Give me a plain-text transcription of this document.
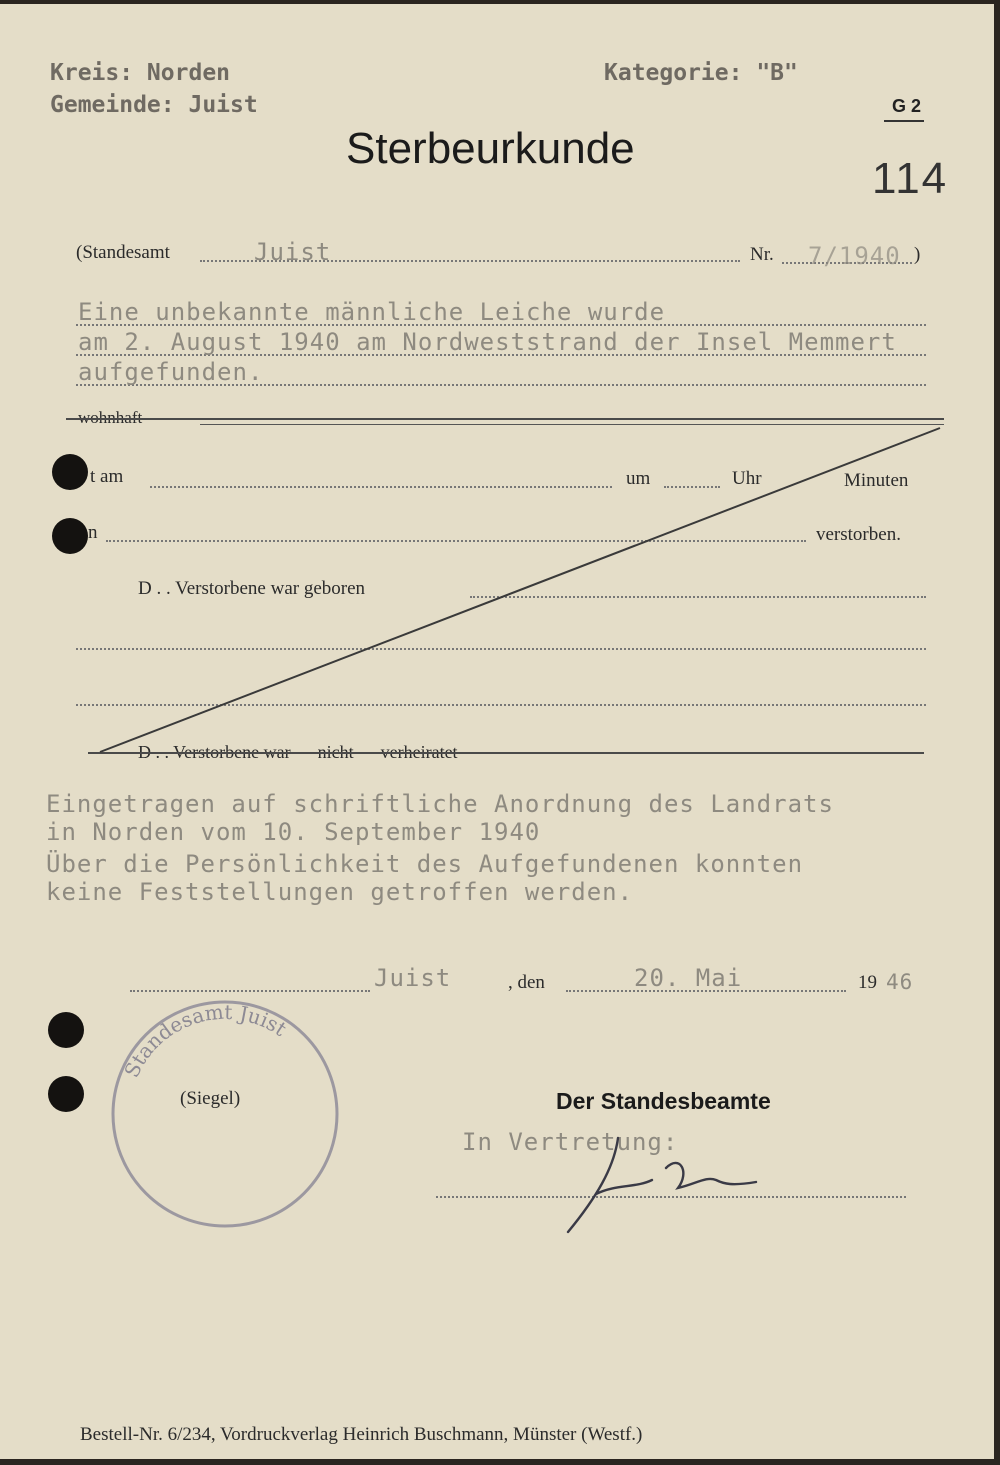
Kreis: Norden
Gemeinde: Juist
Kategorie: "B"
G 2
Sterbeurkunde
114
(Standesamt	Juist	Nr. 7/1940 )
Eine unbekannte männliche Leiche wurde
am 2. August 1940 am Nordweststrand der Insel Memmert
aufgefunden.
wohnhaft
t am	um	Uhr	Minuten
n	verstorben.
D . . Verstorbene war geboren
D . . Verstorbene war — nicht — verheiratet
Eingetragen auf schriftliche Anordnung des Landrats
in Norden vom 10. September 1940
Über die Persönlichkeit des Aufgefundenen konnten
keine Feststellungen getroffen werden.
Juist	, den	20. Mai	19 46
Standesamt Juist
(Siegel)	Der Standesbeamte
In Vertretung:
Bestell-Nr. 6/234, Vordruckverlag Heinrich Buschmann, Münster (Westf.)
